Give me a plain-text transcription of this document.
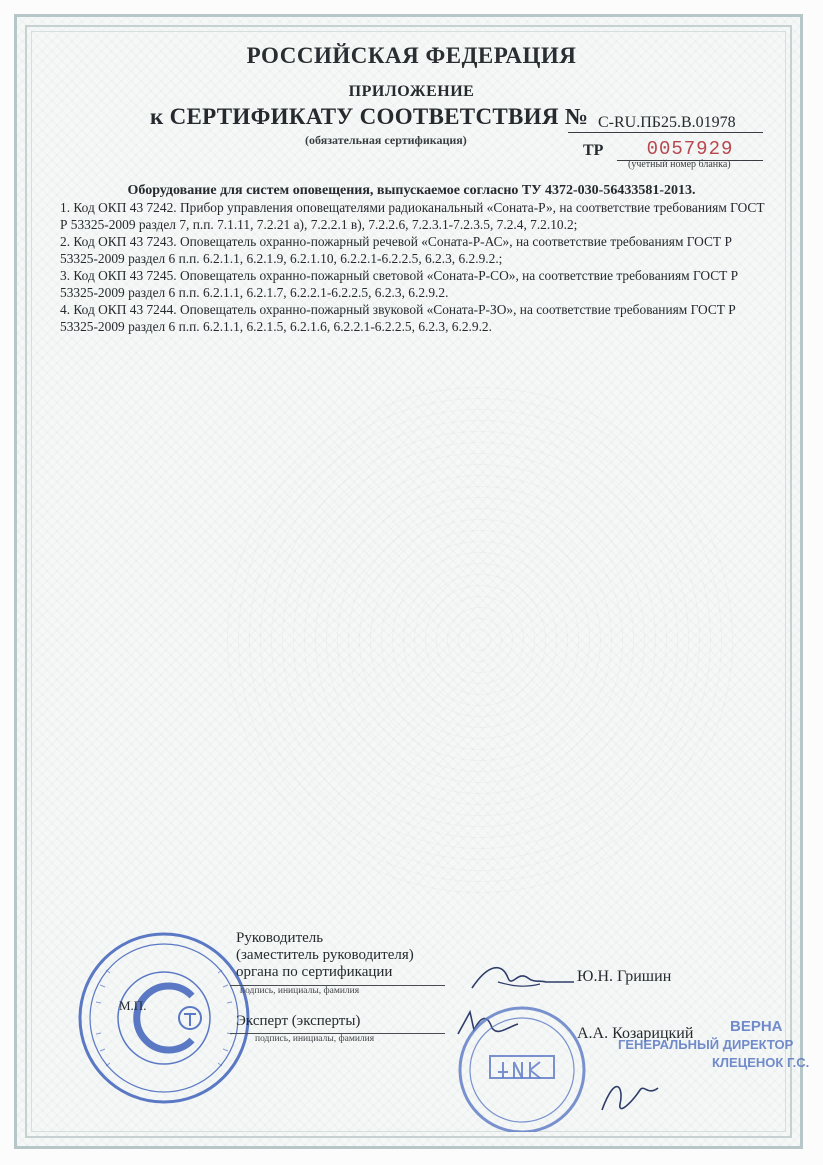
РОССИЙСКАЯ ФЕДЕРАЦИЯ
ПРИЛОЖЕНИЕ
к СЕРТИФИКАТУ СООТВЕТСТВИЯ № C-RU.ПБ25.В.01978
(обязательная сертификация)
ТР	0057929
(учетный номер бланка)
Оборудование для систем оповещения, выпускаемое согласно ТУ 4372-030-56433581-2013.

1. Код ОКП 43 7242. Прибор управления оповещателями радиоканальный «Соната-Р», на соответствие требованиям ГОСТ Р 53325-2009 раздел 7, п.п. 7.1.11, 7.2.21 а), 7.2.2.1 в), 7.2.2.6, 7.2.3.1-7.2.3.5, 7.2.4, 7.2.10.2;

2. Код ОКП 43 7243. Оповещатель охранно-пожарный речевой «Соната-Р-АС», на соответствие требованиям ГОСТ Р 53325-2009 раздел 6 п.п. 6.2.1.1, 6.2.1.9, 6.2.1.10, 6.2.2.1-6.2.2.5, 6.2.3, 6.2.9.2.;

3. Код ОКП 43 7245. Оповещатель охранно-пожарный световой «Соната-Р-СО», на соответствие требованиям ГОСТ Р 53325-2009 раздел 6 п.п. 6.2.1.1, 6.2.1.7, 6.2.2.1-6.2.2.5, 6.2.3, 6.2.9.2.

4. Код ОКП 43 7244. Оповещатель охранно-пожарный звуковой «Соната-Р-ЗО», на соответствие требованиям ГОСТ Р 53325-2009 раздел 6 п.п. 6.2.1.1, 6.2.1.5, 6.2.1.6, 6.2.2.1-6.2.2.5, 6.2.3, 6.2.9.2.

М.П.
Руководитель
(заместитель руководителя)
органа по сертификации
подпись, инициалы, фамилия
Ю.Н. Гришин
Эксперт (эксперты)
подпись, инициалы, фамилия	А.А. Козарицкий	ВЕРНА
ГЕНЕРАЛЬНЫЙ ДИРЕКТОР
КЛЕЦЕНОК Г.С.
